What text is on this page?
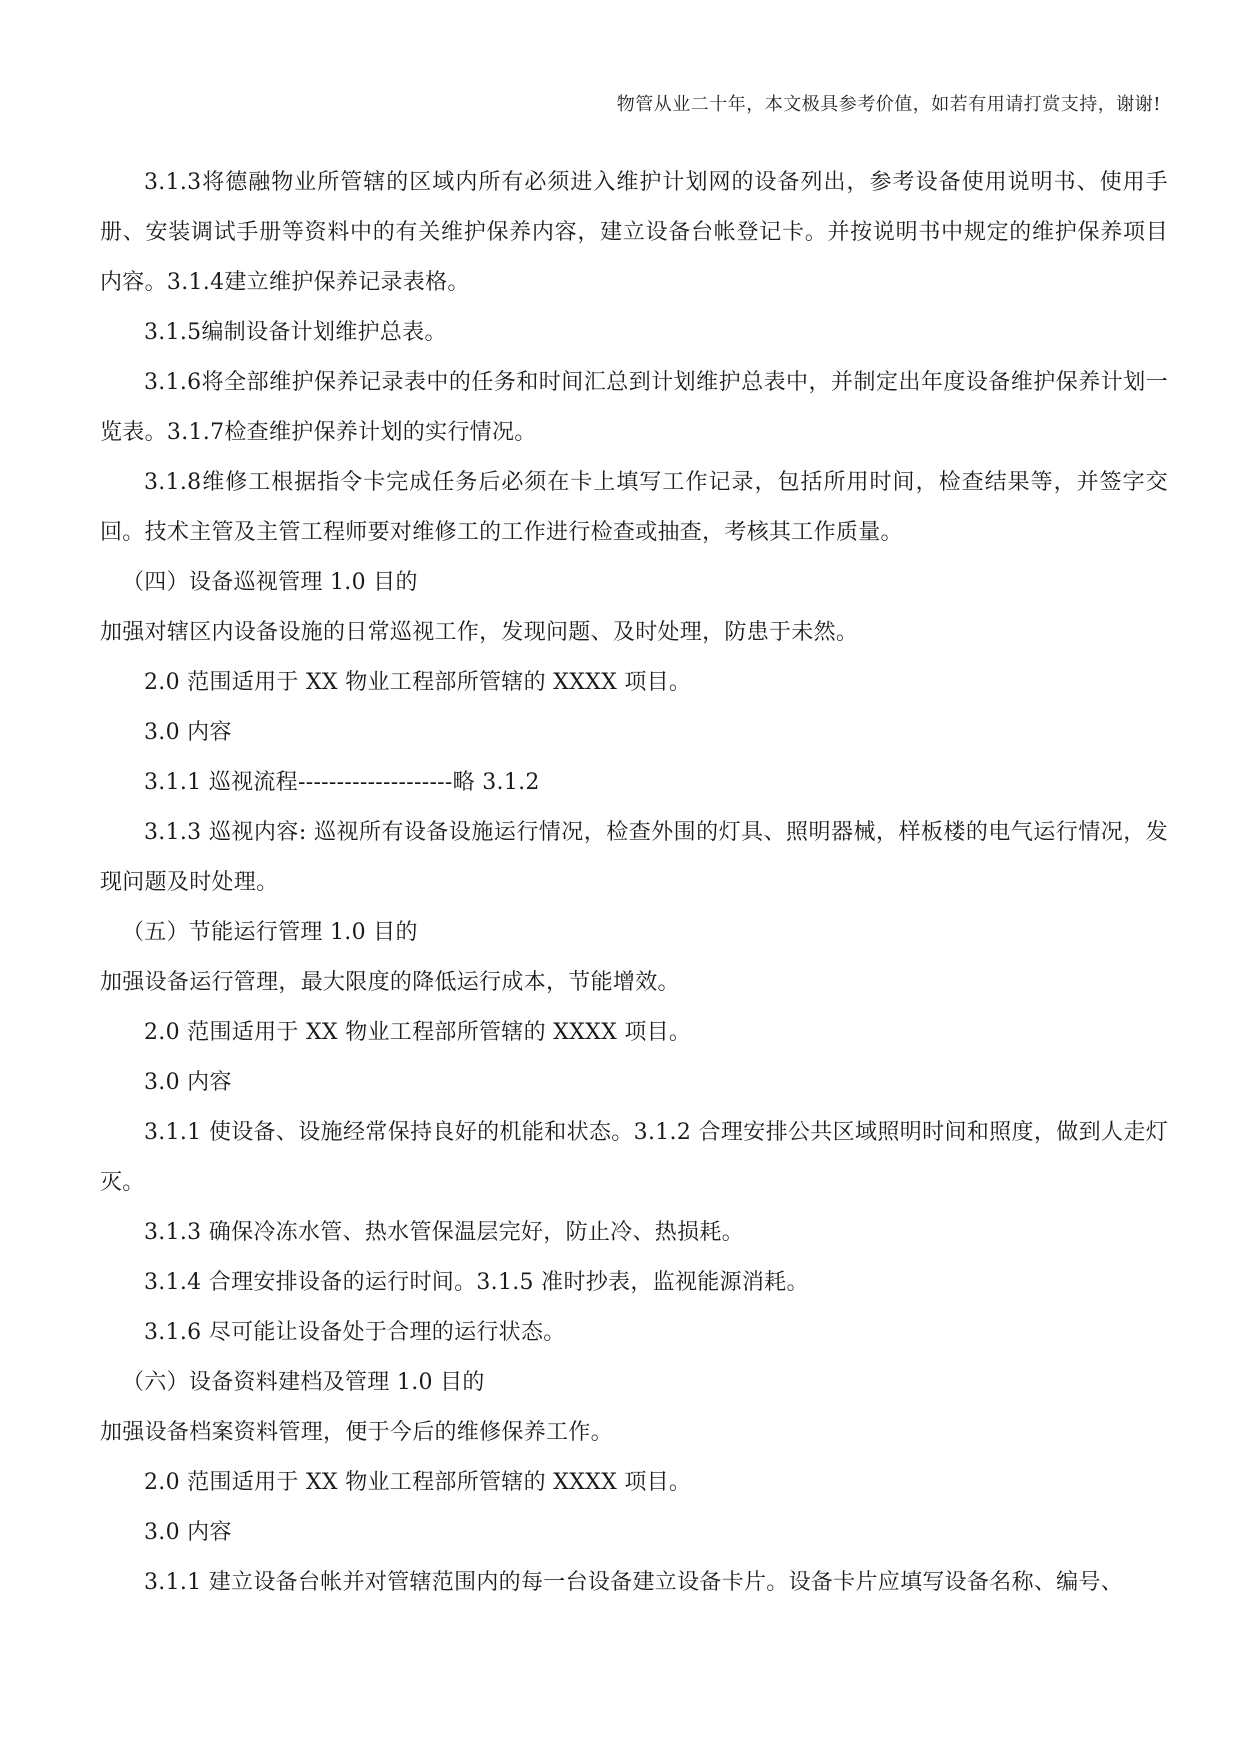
物管从业二十年，本文极具参考价值，如若有用请打赏支持，谢谢!

3.1.3将德融物业所管辖的区域内所有必须进入维护计划网的设备列出，参考设备使用说明书、使用手册、安装调试手册等资料中的有关维护保养内容，建立设备台帐登记卡。并按说明书中规定的维护保养项目内容。3.1.4建立维护保养记录表格。

3.1.5编制设备计划维护总表。

3.1.6将全部维护保养记录表中的任务和时间汇总到计划维护总表中，并制定出年度设备维护保养计划一览表。3.1.7检查维护保养计划的实行情况。

3.1.8维修工根据指令卡完成任务后必须在卡上填写工作记录，包括所用时间，检查结果等，并签字交回。技术主管及主管工程师要对维修工的工作进行检查或抽查，考核其工作质量。

（四）设备巡视管理 1.0 目的

加强对辖区内设备设施的日常巡视工作，发现问题、及时处理，防患于未然。

2.0 范围适用于 XX 物业工程部所管辖的 XXXX 项目。

3.0 内容

3.1.1 巡视流程--------------------略 3.1.2

3.1.3 巡视内容: 巡视所有设备设施运行情况，检查外围的灯具、照明器械，样板楼的电气运行情况，发现问题及时处理。

（五）节能运行管理 1.0 目的

加强设备运行管理，最大限度的降低运行成本，节能增效。

2.0 范围适用于 XX 物业工程部所管辖的 XXXX 项目。

3.0 内容

3.1.1 使设备、设施经常保持良好的机能和状态。3.1.2 合理安排公共区域照明时间和照度，做到人走灯灭。

3.1.3 确保冷冻水管、热水管保温层完好，防止冷、热损耗。

3.1.4 合理安排设备的运行时间。3.1.5 准时抄表，监视能源消耗。

3.1.6 尽可能让设备处于合理的运行状态。

（六）设备资料建档及管理 1.0 目的

加强设备档案资料管理，便于今后的维修保养工作。

2.0 范围适用于 XX 物业工程部所管辖的 XXXX 项目。

3.0 内容

3.1.1 建立设备台帐并对管辖范围内的每一台设备建立设备卡片。设备卡片应填写设备名称、编号、
